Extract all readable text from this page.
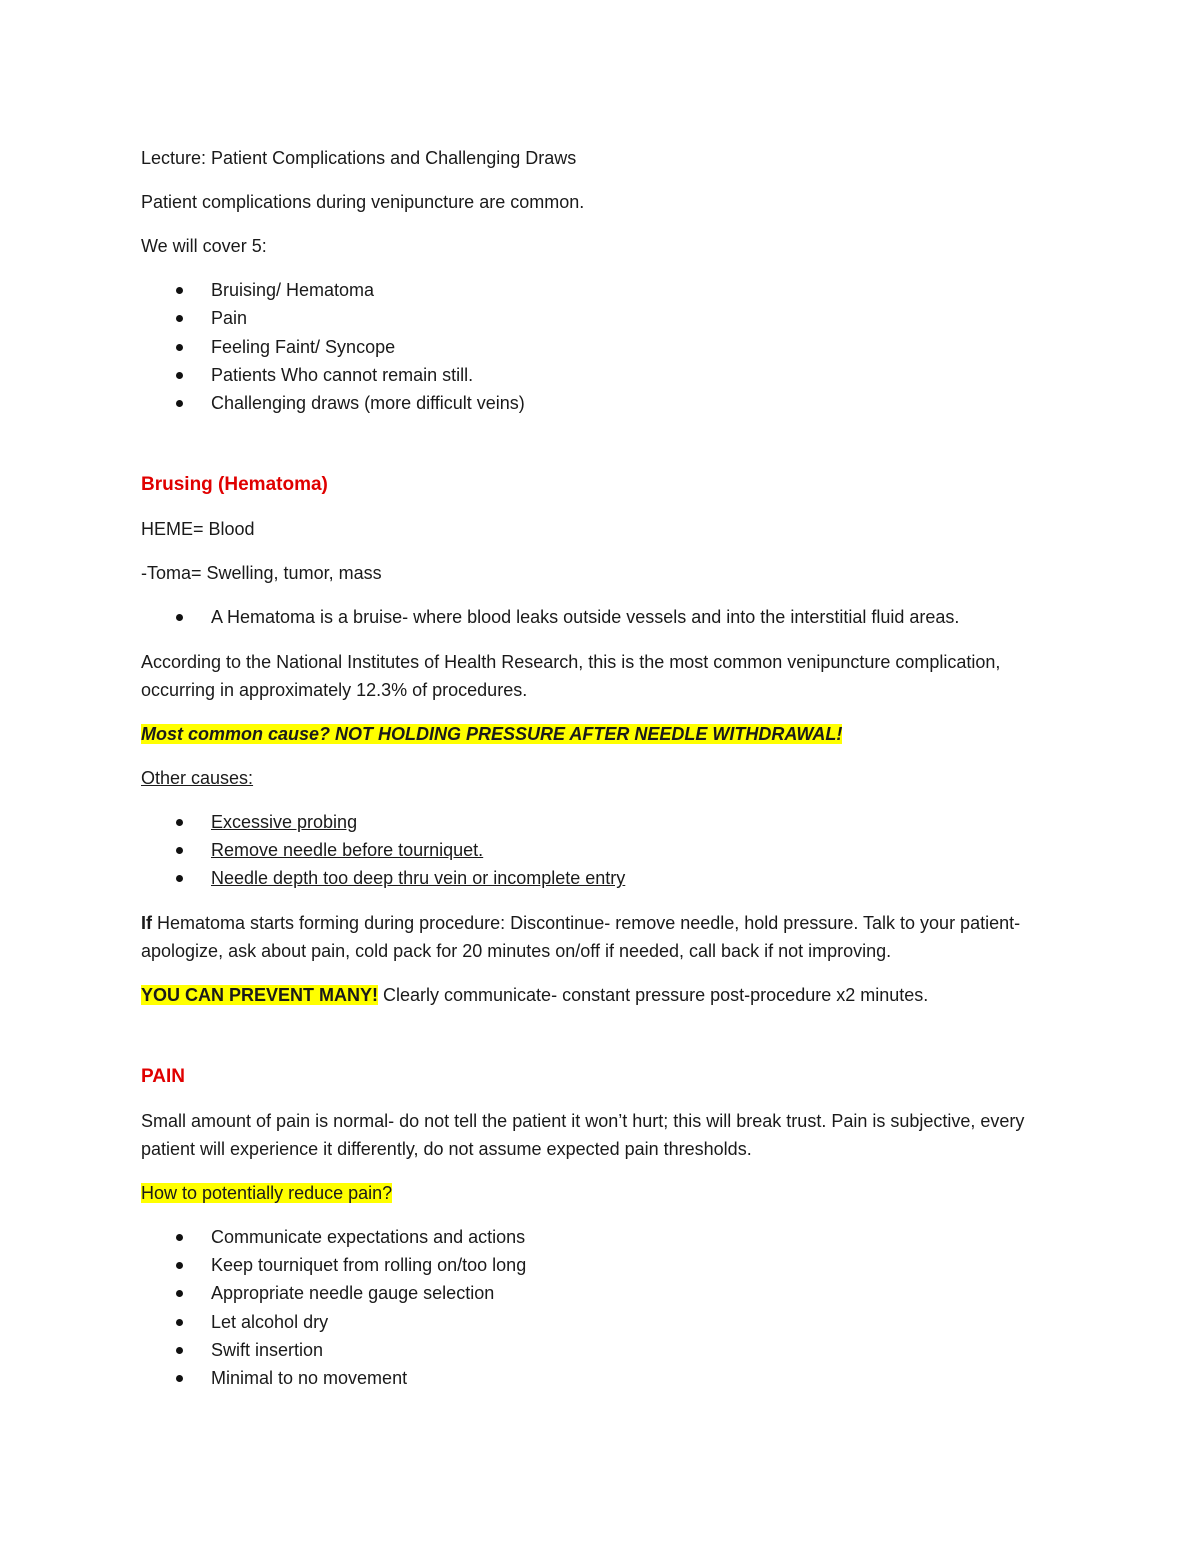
Lecture: Patient Complications and Challenging Draws

Patient complications during venipuncture are common.

We will cover 5:

Bruising/ Hematoma
Pain
Feeling Faint/ Syncope
Patients Who cannot remain still.
Challenging draws (more difficult veins)

Brusing (Hematoma)

HEME= Blood

-Toma= Swelling, tumor, mass

A Hematoma is a bruise- where blood leaks outside vessels and into the interstitial fluid areas.

According to the National Institutes of Health Research, this is the most common venipuncture complication, occurring in approximately 12.3% of procedures.

Most common cause? NOT HOLDING PRESSURE AFTER NEEDLE WITHDRAWAL!

Other causes:

Excessive probing
Remove needle before tourniquet.
Needle depth too deep thru vein or incomplete entry

If Hematoma starts forming during procedure: Discontinue- remove needle, hold pressure. Talk to your patient- apologize, ask about pain, cold pack for 20 minutes on/off if needed, call back if not improving.

YOU CAN PREVENT MANY! Clearly communicate- constant pressure post-procedure x2 minutes.

PAIN

Small amount of pain is normal- do not tell the patient it won’t hurt; this will break trust. Pain is subjective, every patient will experience it differently, do not assume expected pain thresholds.

How to potentially reduce pain?

Communicate expectations and actions
Keep tourniquet from rolling on/too long
Appropriate needle gauge selection
Let alcohol dry
Swift insertion
Minimal to no movement
